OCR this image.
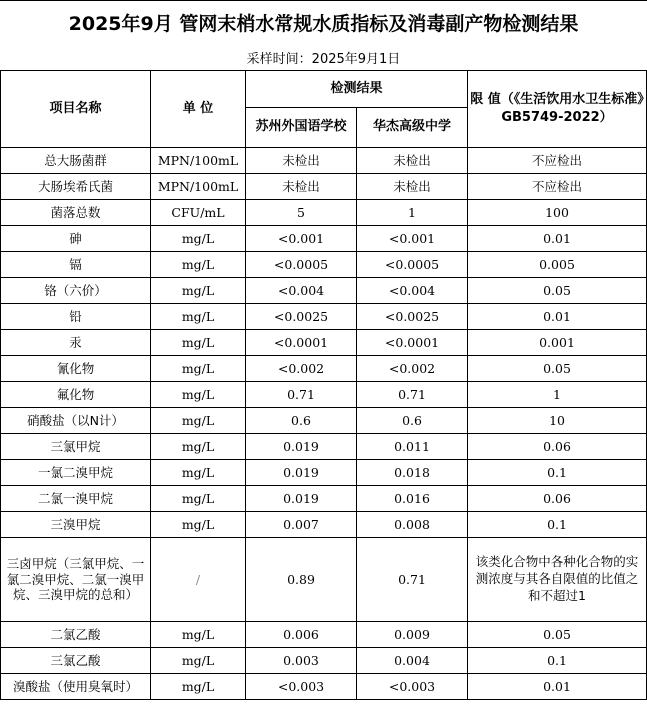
2025年9月 管网末梢水常规水质指标及消毒副产物检测结果
采样时间：2025年9月1日
项目名称	单 位	检测结果		限 值（《生活饮用水卫生标准》GB5749-2022）
		苏州外国语学校	华杰高级中学	
总大肠菌群	MPN/100mL	未检出	未检出	不应检出
大肠埃希氏菌	MPN/100mL	未检出	未检出	不应检出
菌落总数	CFU/mL	5	1	100
砷	mg/L	<0.001	<0.001	0.01
镉	mg/L	<0.0005	<0.0005	0.005
铬（六价）	mg/L	<0.004	<0.004	0.05
铅	mg/L	<0.0025	<0.0025	0.01
汞	mg/L	<0.0001	<0.0001	0.001
氰化物	mg/L	<0.002	<0.002	0.05
氟化物	mg/L	0.71	0.71	1
硝酸盐（以N计）	mg/L	0.6	0.6	10
三氯甲烷	mg/L	0.019	0.011	0.06
一氯二溴甲烷	mg/L	0.019	0.018	0.1
二氯一溴甲烷	mg/L	0.019	0.016	0.06
三溴甲烷	mg/L	0.007	0.008	0.1
三卤甲烷（三氯甲烷、一氯二溴甲烷、二氯一溴甲烷、三溴甲烷的总和）	/	0.89	0.71	该类化合物中各种化合物的实测浓度与其各自限值的比值之和不超过1
二氯乙酸	mg/L	0.006	0.009	0.05
三氯乙酸	mg/L	0.003	0.004	0.1
溴酸盐（使用臭氧时）	mg/L	<0.003	<0.003	0.01
